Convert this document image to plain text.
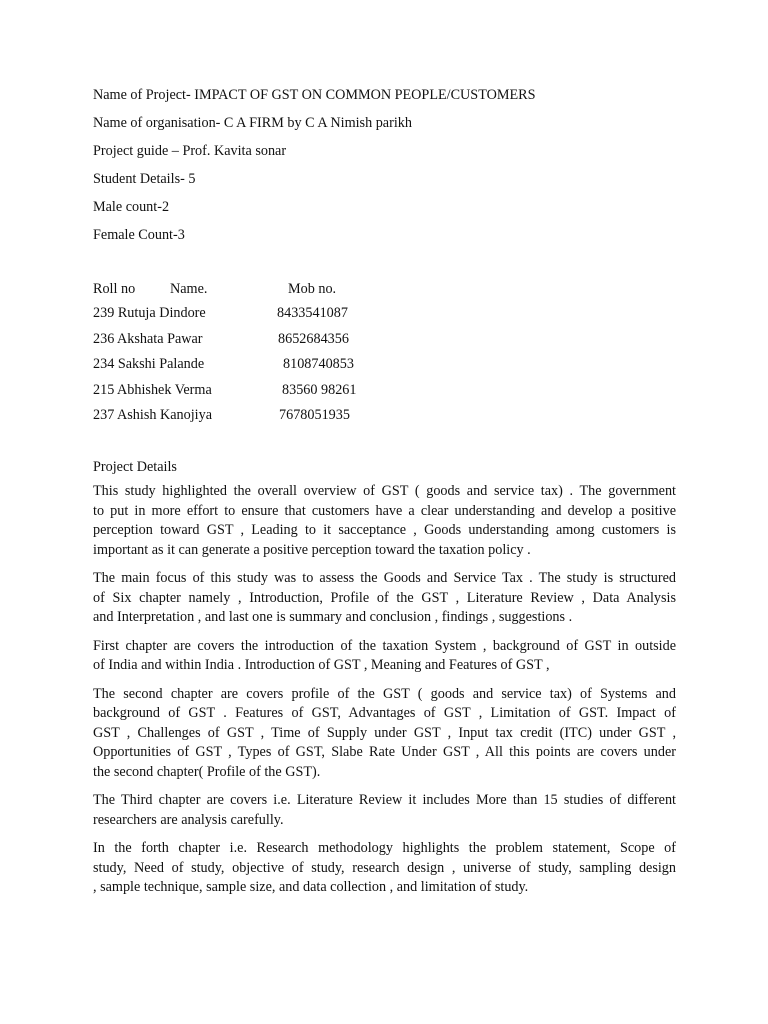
Name of Project- IMPACT OF GST ON COMMON PEOPLE/CUSTOMERS
Name of organisation- C A FIRM by C A Nimish parikh
Project guide – Prof. Kavita sonar
Student Details- 5
Male count-2
Female Count-3
Roll no Name.	Mob no.
239 Rutuja Dindore	8433541087
236 Akshata Pawar	8652684356
234 Sakshi Palande	8108740853
215 Abhishek Verma	83560 98261
237 Ashish Kanojiya	7678051935
Project Details
This study highlighted the overall overview of GST ( goods and service tax) . The government
to put in more effort to ensure that customers have a clear understanding and develop a positive
perception toward GST , Leading to it sacceptance , Goods understanding among customers is
important as it can generate a positive perception toward the taxation policy .
The main focus of this study was to assess the Goods and Service Tax . The study is structured
of Six chapter namely , Introduction, Profile of the GST , Literature Review , Data Analysis
and Interpretation , and last one is summary and conclusion , findings , suggestions .
First chapter are covers the introduction of the taxation System , background of GST in outside
of India and within India . Introduction of GST , Meaning and Features of GST ,
The second chapter are covers profile of the GST ( goods and service tax) of Systems and
background of GST . Features of GST, Advantages of GST , Limitation of GST. Impact of
GST , Challenges of GST , Time of Supply under GST , Input tax credit (ITC) under GST ,
Opportunities of GST , Types of GST, Slabe Rate Under GST , All this points are covers under
the second chapter( Profile of the GST).
The Third chapter are covers i.e. Literature Review it includes More than 15 studies of different
researchers are analysis carefully.
In the forth chapter i.e. Research methodology highlights the problem statement, Scope of
study, Need of study, objective of study, research design , universe of study, sampling design
, sample technique, sample size, and data collection , and limitation of study.
